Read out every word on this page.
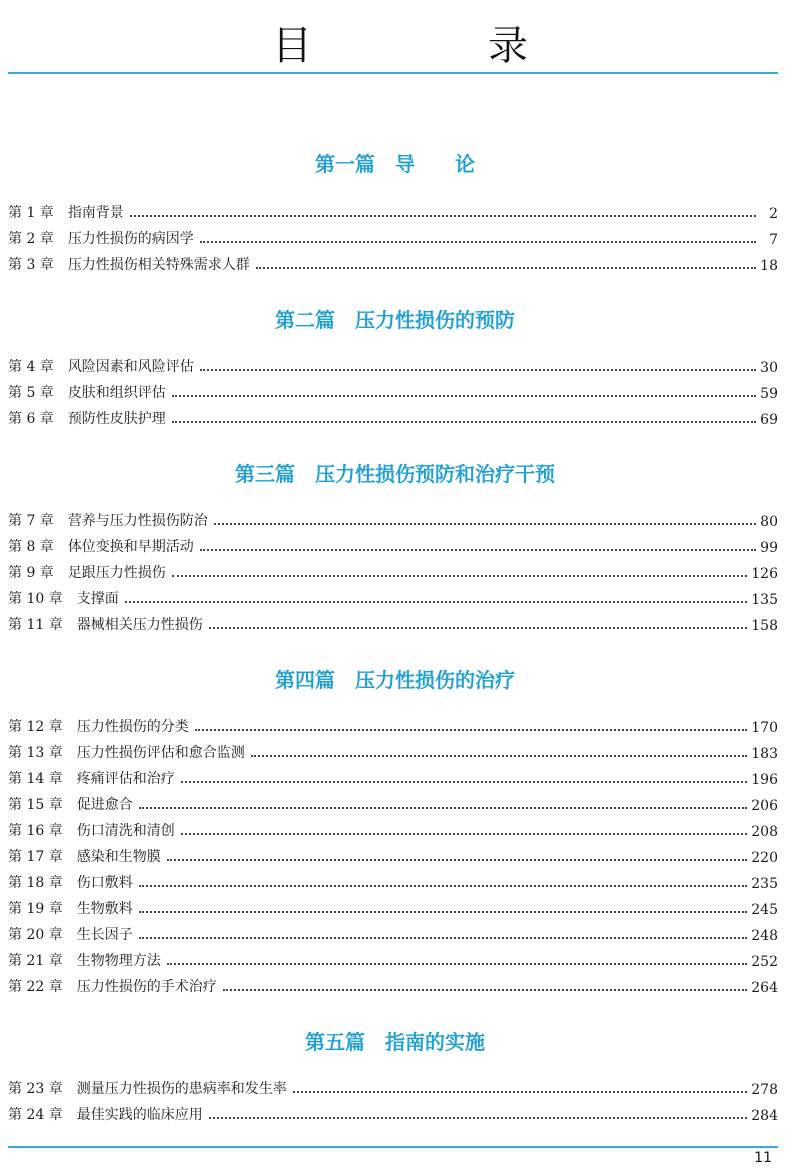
目　录
第一篇　导　　论
第 1 章 指南背景	2
第 2 章 压力性损伤的病因学	7
第 3 章 压力性损伤相关特殊需求人群	18
第二篇　压力性损伤的预防
第 4 章 风险因素和风险评估	30
第 5 章 皮肤和组织评估	59
第 6 章 预防性皮肤护理	69
第三篇　压力性损伤预防和治疗干预
第 7 章 营养与压力性损伤防治	80
第 8 章 体位变换和早期活动	99
第 9 章 足跟压力性损伤	126
第 10 章 支撑面	135
第 11 章 器械相关压力性损伤	158
第四篇　压力性损伤的治疗
第 12 章 压力性损伤的分类	170
第 13 章 压力性损伤评估和愈合监测	183
第 14 章 疼痛评估和治疗	196
第 15 章 促进愈合	206
第 16 章 伤口清洗和清创	208
第 17 章 感染和生物膜	220
第 18 章 伤口敷料	235
第 19 章 生物敷料	245
第 20 章 生长因子	248
第 21 章 生物物理方法	252
第 22 章 压力性损伤的手术治疗	264
第五篇　指南的实施
第 23 章 测量压力性损伤的患病率和发生率	278
第 24 章 最佳实践的临床应用	284
11
